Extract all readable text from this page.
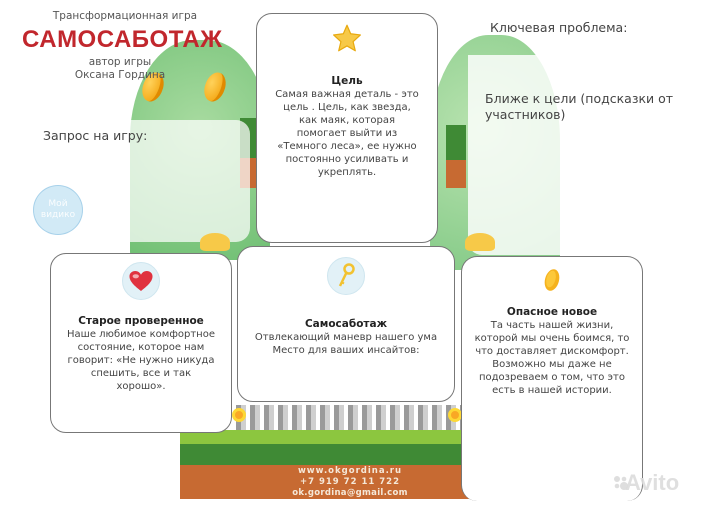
Трансформационная игра
САМОСАБОТАЖ
автор игры
Оксана Гордина
Запрос на игру:
Ключевая проблема:
Ближе к цели (подсказки от
участников)
Мой
видико
www.okgordina.ru
+7 919 72 11 722
ok.gordina@gmail.com
Цель
Самая важная деталь - это цель . Цель, как звезда, как маяк, которая помогает выйти из «Темного леса», ее нужно постоянно усиливать и укреплять.
Старое проверенное
Наше любимое комфортное состояние, которое нам говорит: «Не нужно никуда спешить, все и так хорошо».
Самосаботаж
Отвлекающий маневр нашего ума
Место для ваших инсайтов:
Опасное новое
Та часть нашей жизни, которой мы очень боимся, то что доставляет дискомфорт. Возможно мы даже не подозреваем о том, что это есть в нашей истории.
Avito
